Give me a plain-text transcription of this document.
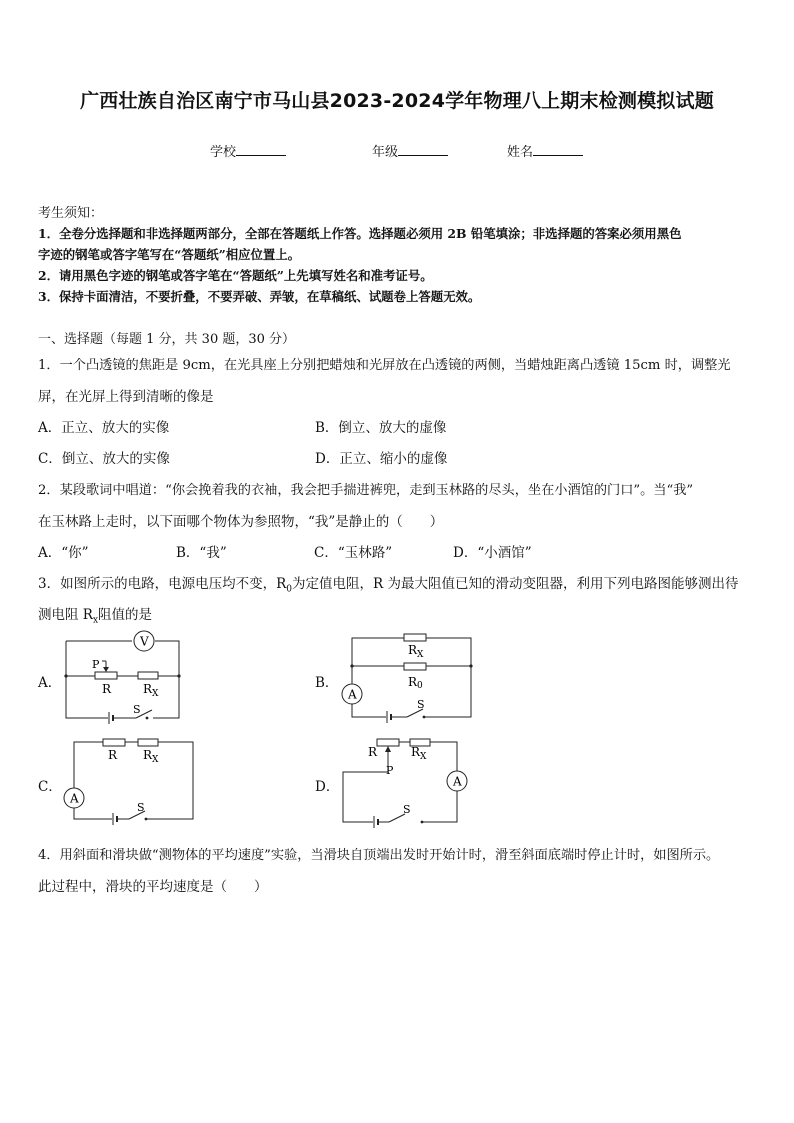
广西壮族自治区南宁市马山县2023-2024学年物理八上期末检测模拟试题
学校	年级	姓名
考生须知：
1．全卷分选择题和非选择题两部分，全部在答题纸上作答。选择题必须用 2B 铅笔填涂；非选择题的答案必须用黑色
字迹的钢笔或答字笔写在“答题纸”相应位置上。
2．请用黑色字迹的钢笔或答字笔在“答题纸”上先填写姓名和准考证号。
3．保持卡面清洁，不要折叠，不要弄破、弄皱，在草稿纸、试题卷上答题无效。
一、选择题（每题 1 分，共 30 题，30 分）
1．一个凸透镜的焦距是 9cm，在光具座上分别把蜡烛和光屏放在凸透镜的两侧，当蜡烛距离凸透镜 15cm 时，调整光
屏，在光屏上得到清晰的像是
A．正立、放大的实像	B．倒立、放大的虚像
C．倒立、放大的实像	D．正立、缩小的虚像
2．某段歌词中唱道：“你会挽着我的衣袖，我会把手揣进裤兜，走到玉林路的尽头，坐在小酒馆的门口”。当“我”
在玉林路上走时，以下面哪个物体为参照物，“我”是静止的（　　）
A．“你”	B．“我”	C．“玉林路”	D．“小酒馆”
3．如图所示的电路，电源电压均不变，$R_0$为定值电阻，R 为最大阻值已知的滑动变阻器，利用下列电路图能够测出待
测电阻 $R_x$阻值的是
A．	B．
C．	D．
V
P
R	$R_X$
S
A
$R_X$
R0
S
A
R $R_X$
S
A
R
P
$R_X$
S
4．用斜面和滑块做“测物体的平均速度”实验，当滑块自顶端出发时开始计时，滑至斜面底端时停止计时，如图所示。
此过程中，滑块的平均速度是（　　）
